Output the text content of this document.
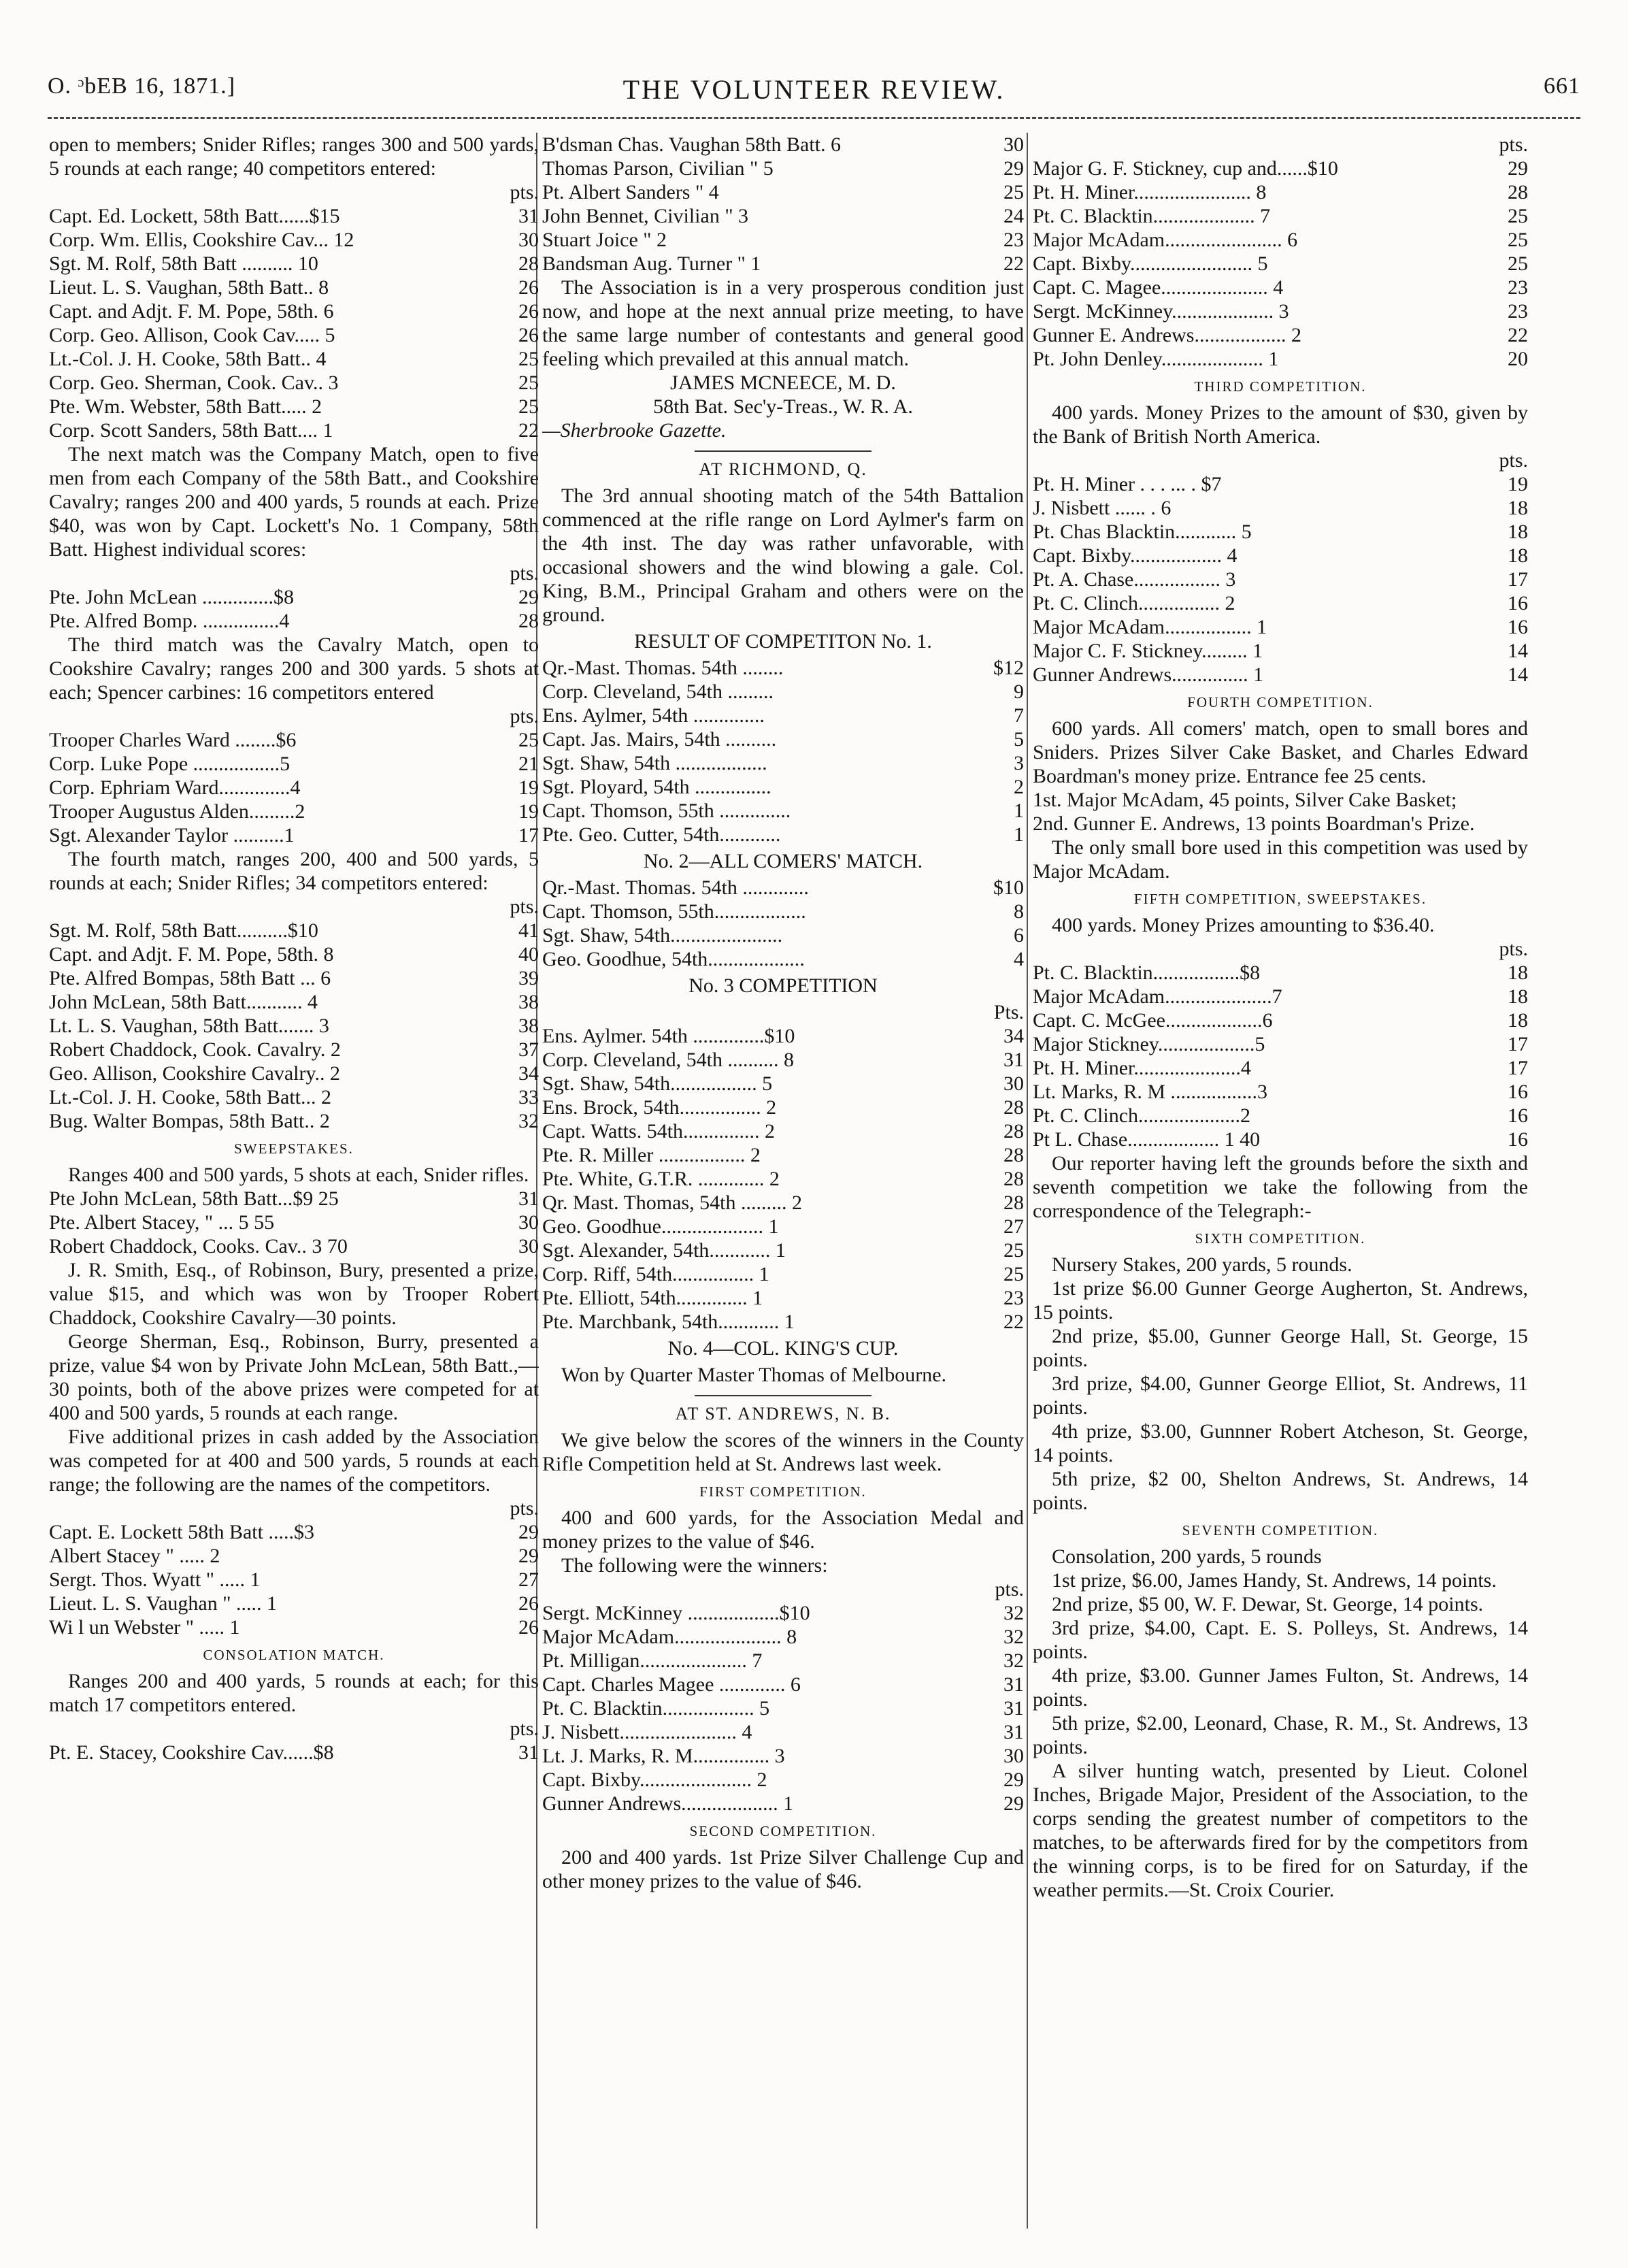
O. ᵓbEB 16, 1871.]	THE VOLUNTEER REVIEW.	661

open to members; Snider Rifles; ranges 300 and 500 yards, 5 rounds at each range; 40 competitors entered:

pts.
Capt. Ed. Lockett, 58th Batt......$15	31
Corp. Wm. Ellis, Cookshire Cav... 12	30
Sgt. M. Rolf, 58th Batt .......... 10	28
Lieut. L. S. Vaughan, 58th Batt.. 8	26
Capt. and Adjt. F. M. Pope, 58th. 6	26
Corp. Geo. Allison, Cook Cav..... 5	26
Lt.-Col. J. H. Cooke, 58th Batt.. 4	25
Corp. Geo. Sherman, Cook. Cav.. 3	25
Pte. Wm. Webster, 58th Batt..... 2	25
Corp. Scott Sanders, 58th Batt.... 1	22

The next match was the Company Match, open to five men from each Company of the 58th Batt., and Cookshire Cavalry; ranges 200 and 400 yards, 5 rounds at each. Prize $40, was won by Capt. Lockett's No. 1 Company, 58th Batt. Highest individual scores:

pts.
Pte. John McLean ..............$8	29
Pte. Alfred Bomp. ...............4	28

The third match was the Cavalry Match, open to Cookshire Cavalry; ranges 200 and 300 yards. 5 shots at each; Spencer carbines: 16 competitors entered

pts.
Trooper Charles Ward ........$6	25
Corp. Luke Pope .................5	21
Corp. Ephriam Ward..............4	19
Trooper Augustus Alden.........2	19
Sgt. Alexander Taylor ..........1	17

The fourth match, ranges 200, 400 and 500 yards, 5 rounds at each; Snider Rifles; 34 competitors entered:

pts.
Sgt. M. Rolf, 58th Batt..........$10	41
Capt. and Adjt. F. M. Pope, 58th. 8	40
Pte. Alfred Bompas, 58th Batt ... 6	39
John McLean, 58th Batt........... 4	38
Lt. L. S. Vaughan, 58th Batt....... 3	38
Robert Chaddock, Cook. Cavalry. 2	37
Geo. Allison, Cookshire Cavalry.. 2	34
Lt.-Col. J. H. Cooke, 58th Batt... 2	33
Bug. Walter Bompas, 58th Batt.. 2	32
SWEEPSTAKES.

Ranges 400 and 500 yards, 5 shots at each, Snider rifles.

Pte John McLean, 58th Batt...$9 25	31
Pte. Albert Stacey, " ... 5 55	30
Robert Chaddock, Cooks. Cav.. 3 70	30

J. R. Smith, Esq., of Robinson, Bury, presented a prize, value $15, and which was won by Trooper Robert Chaddock, Cookshire Cavalry—30 points.

George Sherman, Esq., Robinson, Burry, presented a prize, value $4 won by Private John McLean, 58th Batt.,—30 points, both of the above prizes were competed for at 400 and 500 yards, 5 rounds at each range.

Five additional prizes in cash added by the Association was competed for at 400 and 500 yards, 5 rounds at each range; the following are the names of the competitors.

pts.
Capt. E. Lockett 58th Batt .....$3	29
Albert Stacey " ..... 2	29
Sergt. Thos. Wyatt " ..... 1	27
Lieut. L. S. Vaughan " ..... 1	26
Wi l un Webster " ..... 1	26
CONSOLATION MATCH.

Ranges 200 and 400 yards, 5 rounds at each; for this match 17 competitors entered.

pts.
Pt. E. Stacey, Cookshire Cav......$8	31
B'dsman Chas. Vaughan 58th Batt. 6	30
Thomas Parson, Civilian " 5	29
Pt. Albert Sanders " 4	25
John Bennet, Civilian " 3	24
Stuart Joice " 2	23
Bandsman Aug. Turner " 1	22

The Association is in a very prosperous condition just now, and hope at the next annual prize meeting, to have the same large number of contestants and general good feeling which prevailed at this annual match.

JAMES MCNEECE, M. D.
58th Bat. Sec'y-Treas., W. R. A.
—Sherbrooke Gazette.
AT RICHMOND, Q.

The 3rd annual shooting match of the 54th Battalion commenced at the rifle range on Lord Aylmer's farm on the 4th inst. The day was rather unfavorable, with occasional showers and the wind blowing a gale. Col. King, B.M., Principal Graham and others were on the ground.

RESULT OF COMPETITON No. 1.
Qr.-Mast. Thomas. 54th ........	$12
Corp. Cleveland, 54th .........	9
Ens. Aylmer, 54th ..............	7
Capt. Jas. Mairs, 54th ..........	5
Sgt. Shaw, 54th ..................	3
Sgt. Ployard, 54th ...............	2
Capt. Thomson, 55th ..............	1
Pte. Geo. Cutter, 54th............	1
No. 2—ALL COMERS' MATCH.
Qr.-Mast. Thomas. 54th .............	$10
Capt. Thomson, 55th..................	8
Sgt. Shaw, 54th......................	6
Geo. Goodhue, 54th...................	4
No. 3 COMPETITION
Pts.
Ens. Aylmer. 54th ..............$10	34
Corp. Cleveland, 54th .......... 8	31
Sgt. Shaw, 54th................. 5	30
Ens. Brock, 54th................ 2	28
Capt. Watts. 54th............... 2	28
Pte. R. Miller ................. 2	28
Pte. White, G.T.R. ............. 2	28
Qr. Mast. Thomas, 54th ......... 2	28
Geo. Goodhue.................... 1	27
Sgt. Alexander, 54th............ 1	25
Corp. Riff, 54th................ 1	25
Pte. Elliott, 54th.............. 1	23
Pte. Marchbank, 54th............ 1	22
No. 4—COL. KING'S CUP.

Won by Quarter Master Thomas of Melbourne.

AT ST. ANDREWS, N. B.

We give below the scores of the winners in the County Rifle Competition held at St. Andrews last week.

FIRST COMPETITION.

400 and 600 yards, for the Association Medal and money prizes to the value of $46.

The following were the winners:

pts.
Sergt. McKinney ..................$10	32
Major McAdam..................... 8	32
Pt. Milligan..................... 7	32
Capt. Charles Magee ............. 6	31
Pt. C. Blacktin.................. 5	31
J. Nisbett....................... 4	31
Lt. J. Marks, R. M............... 3	30
Capt. Bixby...................... 2	29
Gunner Andrews................... 1	29
SECOND COMPETITION.

200 and 400 yards. 1st Prize Silver Challenge Cup and other money prizes to the value of $46.

pts.
Major G. F. Stickney, cup and......$10	29
Pt. H. Miner....................... 8	28
Pt. C. Blacktin.................... 7	25
Major McAdam....................... 6	25
Capt. Bixby........................ 5	25
Capt. C. Magee..................... 4	23
Sergt. McKinney.................... 3	23
Gunner E. Andrews.................. 2	22
Pt. John Denley.................... 1	20
THIRD COMPETITION.

400 yards. Money Prizes to the amount of $30, given by the Bank of British North America.

pts.
Pt. H. Miner . . . ... . $7	19
J. Nisbett ...... . 6	18
Pt. Chas Blacktin............ 5	18
Capt. Bixby.................. 4	18
Pt. A. Chase................. 3	17
Pt. C. Clinch................ 2	16
Major McAdam................. 1	16
Major C. F. Stickney......... 1	14
Gunner Andrews............... 1	14
FOURTH COMPETITION.

600 yards. All comers' match, open to small bores and Sniders. Prizes Silver Cake Basket, and Charles Edward Boardman's money prize. Entrance fee 25 cents.

1st. Major McAdam, 45 points, Silver Cake Basket;

2nd. Gunner E. Andrews, 13 points Boardman's Prize.

The only small bore used in this competition was used by Major McAdam.

FIFTH COMPETITION, SWEEPSTAKES.

400 yards. Money Prizes amounting to $36.40.

pts.
Pt. C. Blacktin.................$8	18
Major McAdam.....................7	18
Capt. C. McGee...................6	18
Major Stickney...................5	17
Pt. H. Miner.....................4	17
Lt. Marks, R. M .................3	16
Pt. C. Clinch....................2	16
Pt L. Chase.................. 1 40	16

Our reporter having left the grounds before the sixth and seventh competition we take the following from the correspondence of the Telegraph:-

SIXTH COMPETITION.

Nursery Stakes, 200 yards, 5 rounds.

1st prize $6.00 Gunner George Augherton, St. Andrews, 15 points.

2nd prize, $5.00, Gunner George Hall, St. George, 15 points.

3rd prize, $4.00, Gunner George Elliot, St. Andrews, 11 points.

4th prize, $3.00, Gunnner Robert Atcheson, St. George, 14 points.

5th prize, $2 00, Shelton Andrews, St. Andrews, 14 points.

SEVENTH COMPETITION.

Consolation, 200 yards, 5 rounds

1st prize, $6.00, James Handy, St. Andrews, 14 points.

2nd prize, $5 00, W. F. Dewar, St. George, 14 points.

3rd prize, $4.00, Capt. E. S. Polleys, St. Andrews, 14 points.

4th prize, $3.00. Gunner James Fulton, St. Andrews, 14 points.

5th prize, $2.00, Leonard, Chase, R. M., St. Andrews, 13 points.

A silver hunting watch, presented by Lieut. Colonel Inches, Brigade Major, President of the Association, to the corps sending the greatest number of competitors to the matches, to be afterwards fired for by the competitors from the winning corps, is to be fired for on Saturday, if the weather permits.—St. Croix Courier.
